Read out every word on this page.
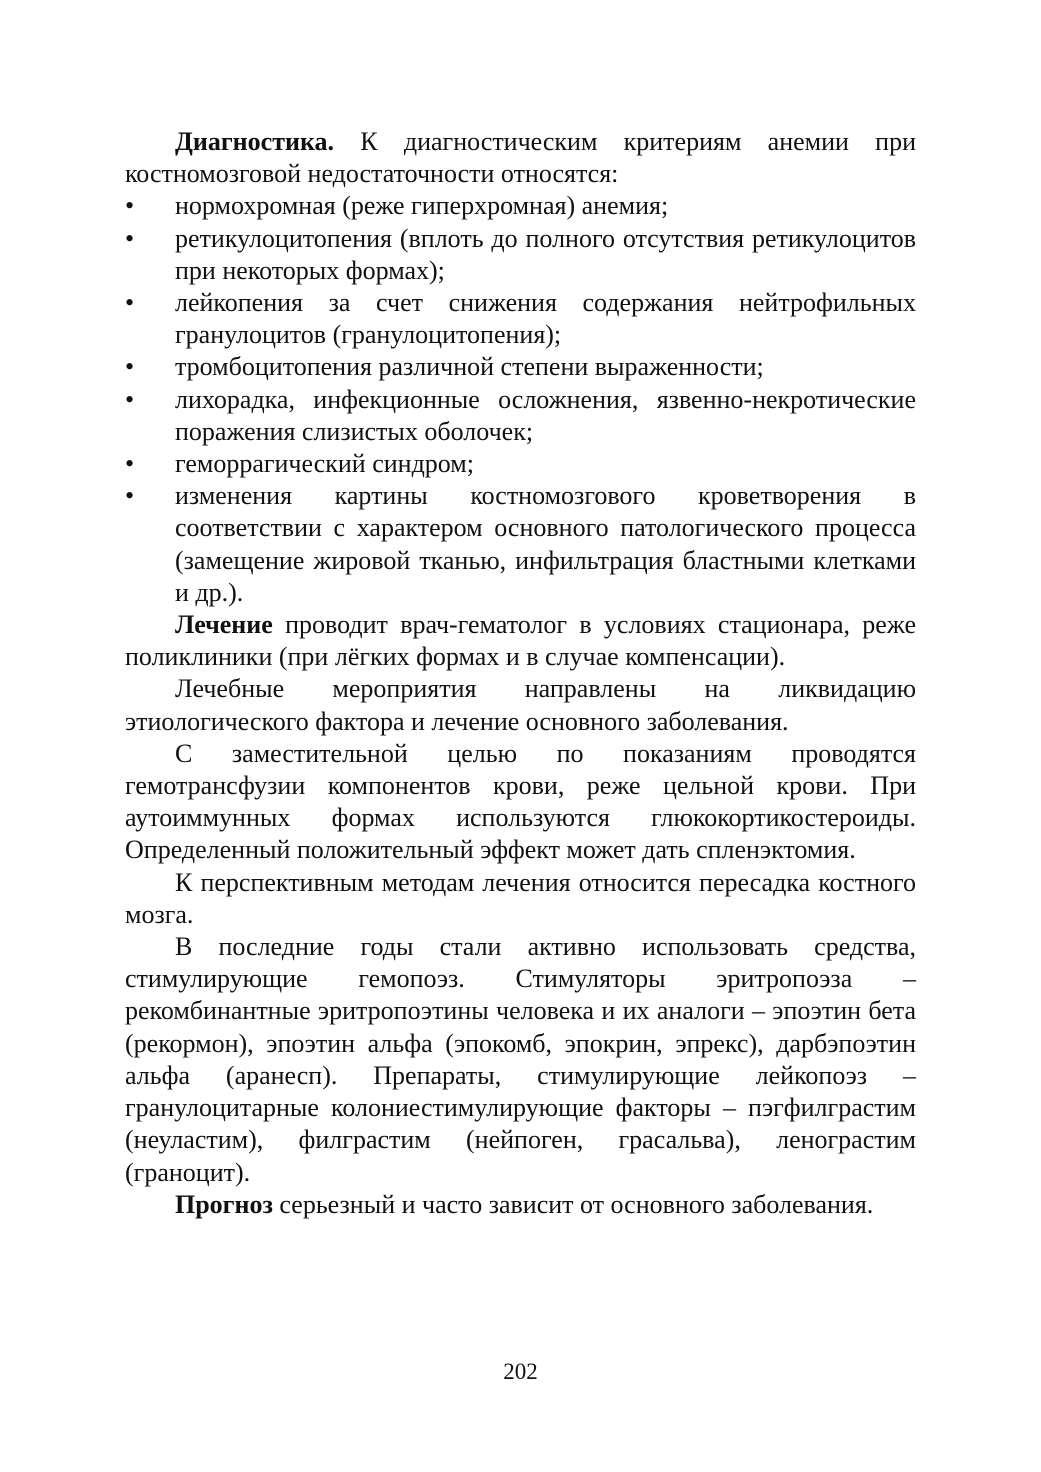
Диагностика. К диагностическим критериям анемии при костномозговой недостаточности относятся:

• нормохромная (реже гиперхромная) анемия;
• ретикулоцитопения (вплоть до полного отсутствия ретикулоцитов при некоторых формах);
• лейкопения за счет снижения содержания нейтрофильных гранулоцитов (гранулоцитопения);
• тромбоцитопения различной степени выраженности;
• лихорадка, инфекционные осложнения, язвенно-некротические поражения слизистых оболочек;
• геморрагический синдром;
• изменения картины костномозгового кроветворения в соответствии с характером основного патологического процесса (замещение жировой тканью, инфильтрация бластными клетками и др.).

Лечение проводит врач-гематолог в условиях стационара, реже поликлиники (при лёгких формах и в случае компенсации).

Лечебные мероприятия направлены на ликвидацию этиологического фактора и лечение основного заболевания.

С заместительной целью по показаниям проводятся гемотрансфузии компонентов крови, реже цельной крови. При аутоиммунных формах используются глюкокортикостероиды. Определенный положительный эффект может дать спленэктомия.

К перспективным методам лечения относится пересадка костного мозга.

В последние годы стали активно использовать средства, стимулирующие гемопоэз. Стимуляторы эритропоэза – рекомбинантные эритропоэтины человека и их аналоги – эпоэтин бета (рекормон), эпоэтин альфа (эпокомб, эпокрин, эпрекс), дарбэпоэтин альфа (аранесп). Препараты, стимулирующие лейкопоэз – гранулоцитарные колониестимулирующие факторы – пэгфилграстим (неуластим), филграстим (нейпоген, грасальва), ленограстим (граноцит).

Прогноз серьезный и часто зависит от основного заболевания.

202
